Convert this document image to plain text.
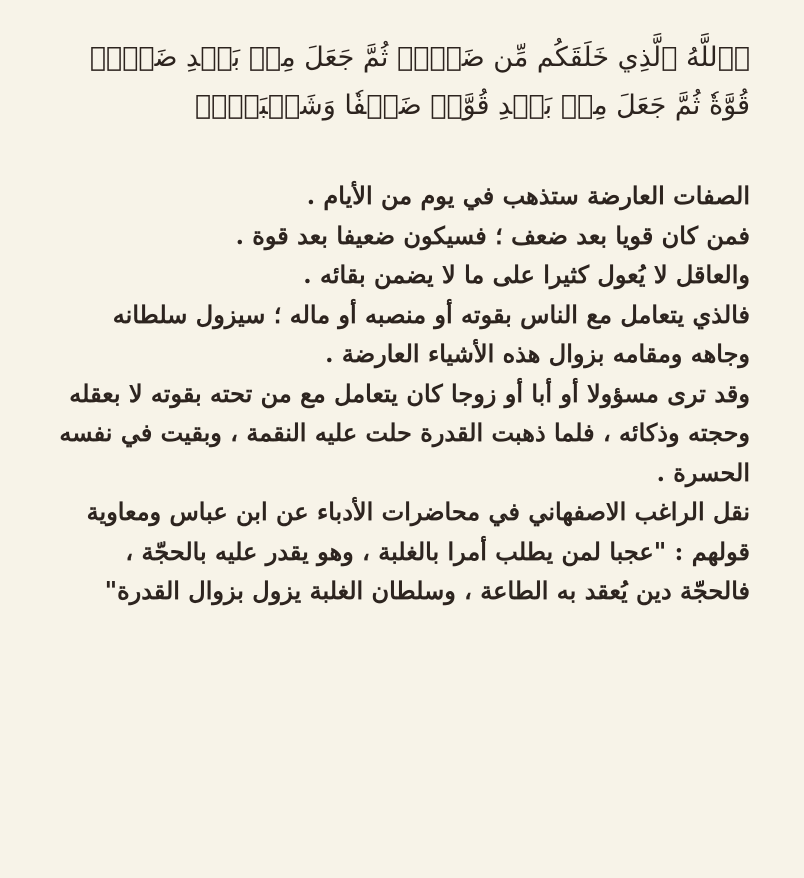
﴿ٱللَّهُ ٱلَّذِي خَلَقَكُم مِّن ضَعۡفٖ ثُمَّ جَعَلَ مِنۢ بَعۡدِ ضَعۡفٖ قُوَّةٗ ثُمَّ جَعَلَ مِنۢ بَعۡدِ قُوَّةٖ ضَعۡفٗا وَشَيۡبَةٗۚ﴾

الصفات العارضة ستذهب في يوم من الأيام .

فمن كان قويا بعد ضعف ؛ فسيكون ضعيفا بعد قوة .

والعاقل لا يُعول كثيرا على ما لا يضمن بقائه .

فالذي يتعامل مع الناس بقوته أو منصبه أو ماله ؛ سيزول سلطانه وجاهه ومقامه بزوال هذه الأشياء العارضة .

وقد ترى مسؤولا أو أبا أو زوجا كان يتعامل مع من تحته بقوته لا بعقله وحجته وذكائه ، فلما ذهبت القدرة حلت عليه النقمة ، وبقيت في نفسه الحسرة .

نقل الراغب الاصفهاني في محاضرات الأدباء عن ابن عباس ومعاوية قولهم : "عجبا لمن يطلب أمرا بالغلبة ، وهو يقدر عليه بالحجّة ، فالحجّة دين يُعقد به الطاعة ، وسلطان الغلبة يزول بزوال القدرة"
